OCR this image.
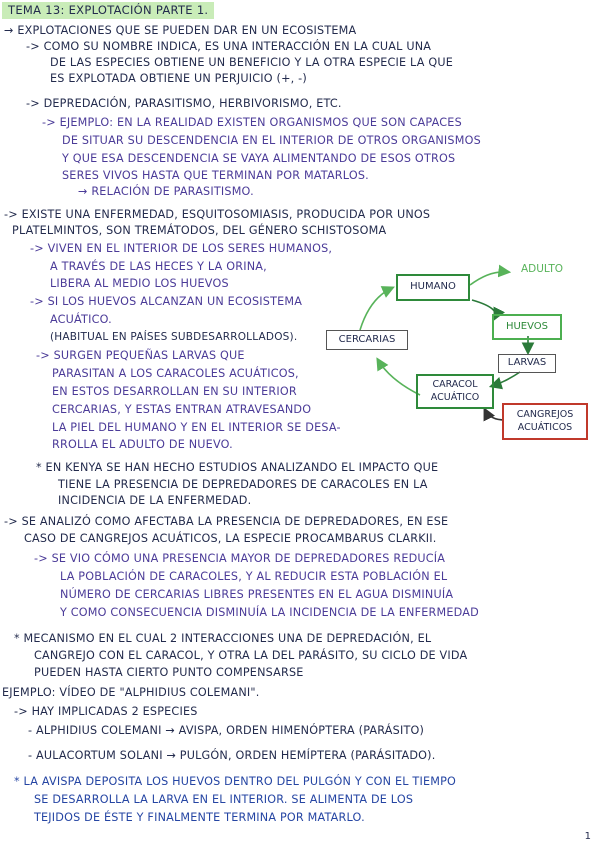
TEMA 13: EXPLOTACIÓN PARTE 1.
→ EXPLOTACIONES QUE SE PUEDEN DAR EN UN ECOSISTEMA
-> COMO SU NOMBRE INDICA, ES UNA INTERACCIÓN EN LA CUAL UNA
DE LAS ESPECIES OBTIENE UN BENEFICIO Y LA OTRA ESPECIE LA QUE
ES EXPLOTADA OBTIENE UN PERJUICIO (+, -)
-> DEPREDACIÓN, PARASITISMO, HERBIVORISMO, ETC.
-> EJEMPLO: EN LA REALIDAD EXISTEN ORGANISMOS QUE SON CAPACES
DE SITUAR SU DESCENDENCIA EN EL INTERIOR DE OTROS ORGANISMOS
Y QUE ESA DESCENDENCIA SE VAYA ALIMENTANDO DE ESOS OTROS
SERES VIVOS HASTA QUE TERMINAN POR MATARLOS.
→ RELACIÓN DE PARASITISMO.
-> EXISTE UNA ENFERMEDAD, ESQUITOSOMIASIS, PRODUCIDA POR UNOS
PLATELMINTOS, SON TREMÁTODOS, DEL GÉNERO SCHISTOSOMA
-> VIVEN EN EL INTERIOR DE LOS SERES HUMANOS,
A TRAVÉS DE LAS HECES Y LA ORINA,
LIBERA AL MEDIO LOS HUEVOS
-> SI LOS HUEVOS ALCANZAN UN ECOSISTEMA
ACUÁTICO.
(HABITUAL EN PAÍSES SUBDESARROLLADOS).
-> SURGEN PEQUEÑAS LARVAS QUE
PARASITAN A LOS CARACOLES ACUÁTICOS,
EN ESTOS DESARROLLAN EN SU INTERIOR
CERCARIAS, Y ESTAS ENTRAN ATRAVESANDO
LA PIEL DEL HUMANO Y EN EL INTERIOR SE DESA-
RROLLA EL ADULTO DE NUEVO.
* EN KENYA SE HAN HECHO ESTUDIOS ANALIZANDO EL IMPACTO QUE
TIENE LA PRESENCIA DE DEPREDADORES DE CARACOLES EN LA
INCIDENCIA DE LA ENFERMEDAD.
-> SE ANALIZÓ COMO AFECTABA LA PRESENCIA DE DEPREDADORES, EN ESE
CASO DE CANGREJOS ACUÁTICOS, LA ESPECIE PROCAMBARUS CLARKII.
-> SE VIO CÓMO UNA PRESENCIA MAYOR DE DEPREDADORES REDUCÍA
LA POBLACIÓN DE CARACOLES, Y AL REDUCIR ESTA POBLACIÓN EL
NÚMERO DE CERCARIAS LIBRES PRESENTES EN EL AGUA DISMINUÍA
Y COMO CONSECUENCIA DISMINUÍA LA INCIDENCIA DE LA ENFERMEDAD
* MECANISMO EN EL CUAL 2 INTERACCIONES UNA DE DEPREDACIÓN, EL
CANGREJO CON EL CARACOL, Y OTRA LA DEL PARÁSITO, SU CICLO DE VIDA
PUEDEN HASTA CIERTO PUNTO COMPENSARSE
EJEMPLO: VÍDEO DE "ALPHIDIUS COLEMANI".
-> HAY IMPLICADAS 2 ESPECIES
- ALPHIDIUS COLEMANI → AVISPA, ORDEN HIMENÓPTERA (PARÁSITO)
- AULACORTUM SOLANI → PULGÓN, ORDEN HEMÍPTERA (PARÁSITADO).
* LA AVISPA DEPOSITA LOS HUEVOS DENTRO DEL PULGÓN Y CON EL TIEMPO
SE DESARROLLA LA LARVA EN EL INTERIOR. SE ALIMENTA DE LOS
TEJIDOS DE ÉSTE Y FINALMENTE TERMINA POR MATARLO.
HUMANO
ADULTO
HUEVOS
LARVAS
CARACOL ACUÁTICO
CERCARIAS
CANGREJOS ACUÁTICOS
1
